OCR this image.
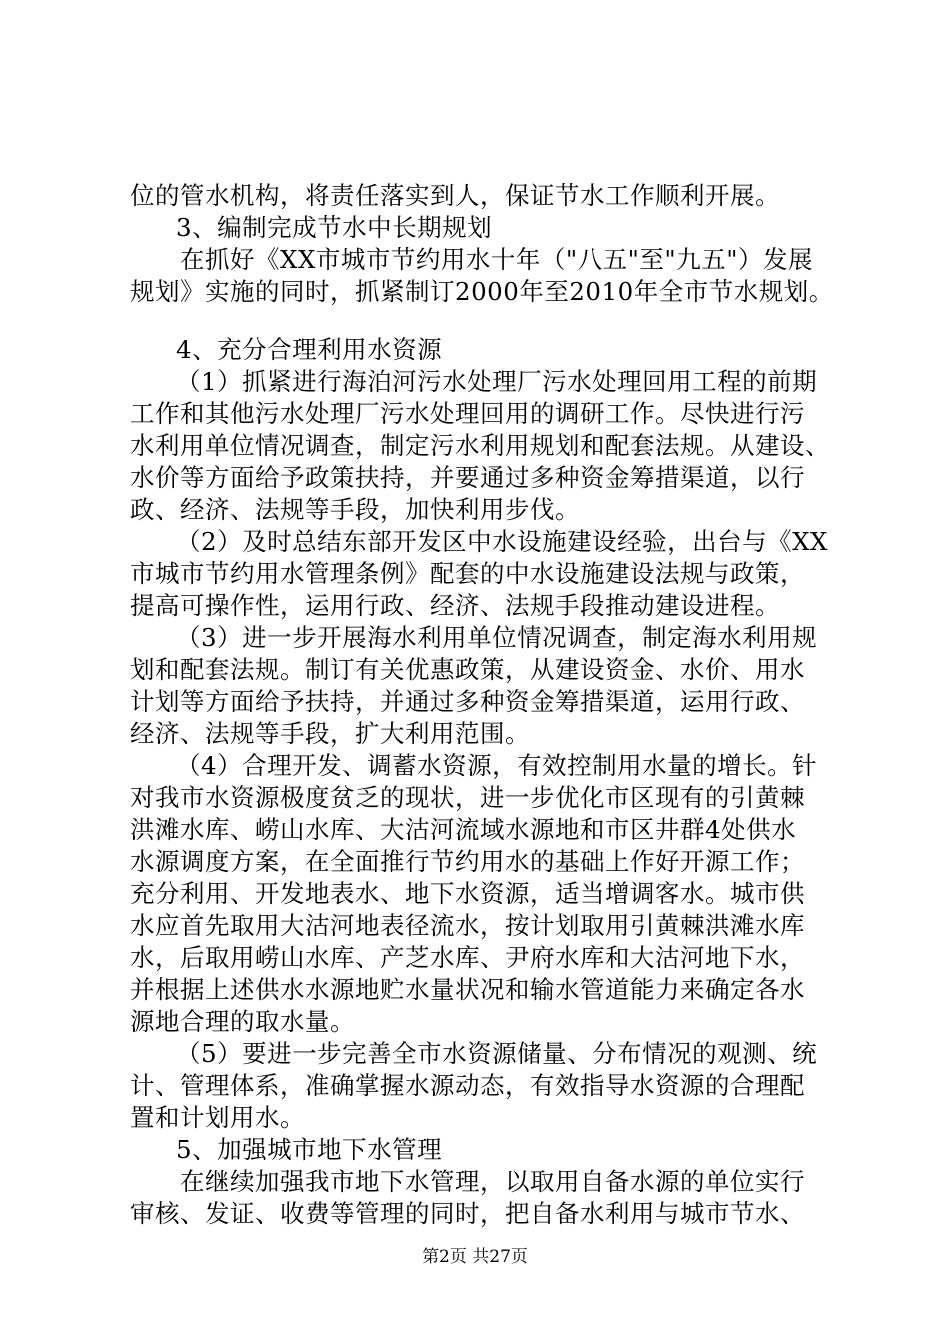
位的管水机构，将责任落实到人，保证节水工作顺利开展。
3、编制完成节水中长期规划
在抓好《XX市城市节约用水十年（"八五"至"九五"）发展
规划》实施的同时，抓紧制订2000年至2010年全市节水规划。
4、充分合理利用水资源
（1）抓紧进行海泊河污水处理厂污水处理回用工程的前期
工作和其他污水处理厂污水处理回用的调研工作。尽快进行污
水利用单位情况调查，制定污水利用规划和配套法规。从建设、
水价等方面给予政策扶持，并要通过多种资金筹措渠道，以行
政、经济、法规等手段，加快利用步伐。
（2）及时总结东部开发区中水设施建设经验，出台与《XX
市城市节约用水管理条例》配套的中水设施建设法规与政策，
提高可操作性，运用行政、经济、法规手段推动建设进程。
（3）进一步开展海水利用单位情况调查，制定海水利用规
划和配套法规。制订有关优惠政策，从建设资金、水价、用水
计划等方面给予扶持，并通过多种资金筹措渠道，运用行政、
经济、法规等手段，扩大利用范围。
（4）合理开发、调蓄水资源，有效控制用水量的增长。针
对我市水资源极度贫乏的现状，进一步优化市区现有的引黄棘
洪滩水库、崂山水库、大沽河流域水源地和市区井群4处供水
水源调度方案，在全面推行节约用水的基础上作好开源工作；
充分利用、开发地表水、地下水资源，适当增调客水。城市供
水应首先取用大沽河地表径流水，按计划取用引黄棘洪滩水库
水，后取用崂山水库、产芝水库、尹府水库和大沽河地下水，
并根据上述供水水源地贮水量状况和输水管道能力来确定各水
源地合理的取水量。
（5）要进一步完善全市水资源储量、分布情况的观测、统
计、管理体系，准确掌握水源动态，有效指导水资源的合理配
置和计划用水。
5、加强城市地下水管理
在继续加强我市地下水管理，以取用自备水源的单位实行
审核、发证、收费等管理的同时，把自备水利用与城市节水、
第2页 共27页
